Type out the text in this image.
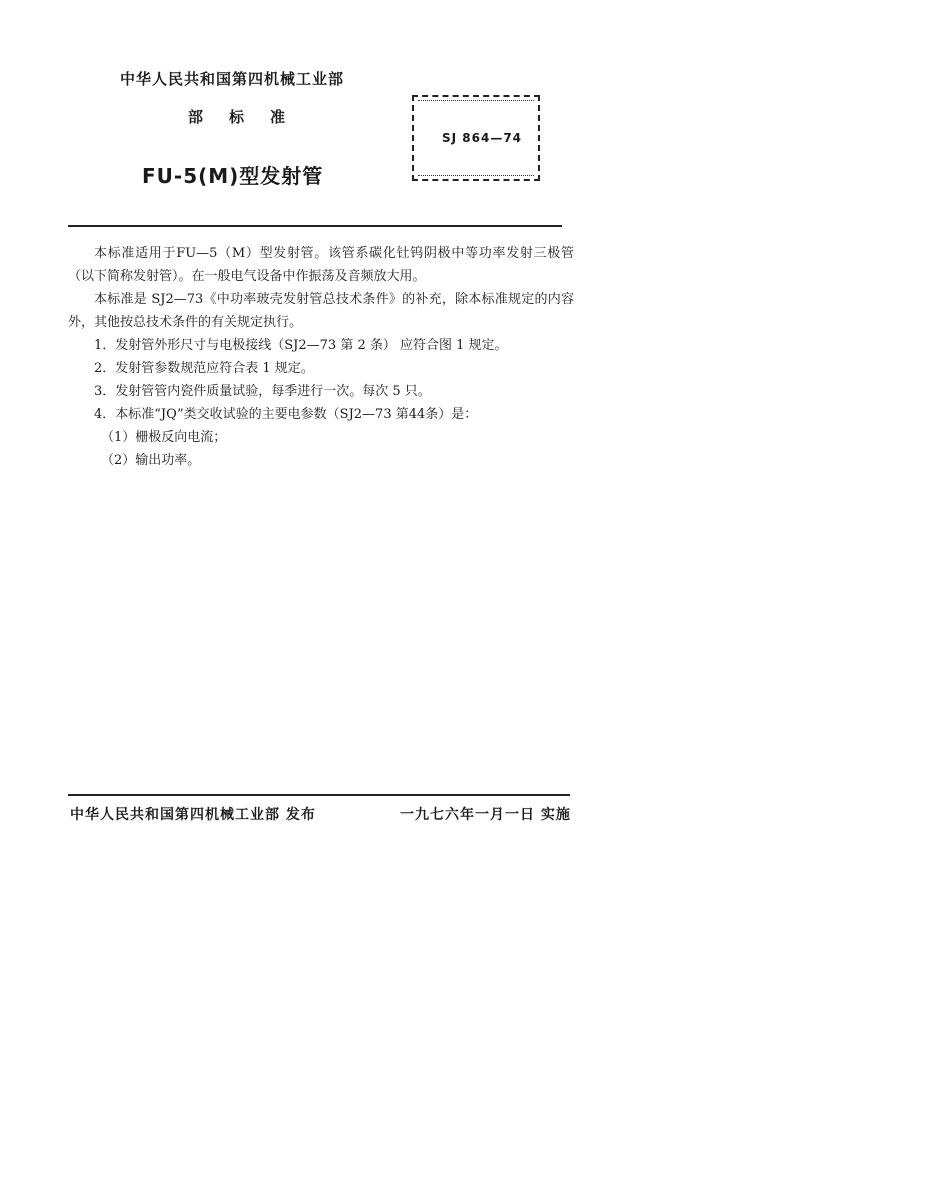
中华人民共和国第四机械工业部
部标准
FU-5(M)型发射管
SJ 864—74

本标准适用于FU—5（M）型发射管。该管系碳化钍钨阴极中等功率发射三极管（以下简称发射管）。在一般电气设备中作振荡及音频放大用。

本标准是 SJ2—73《中功率玻壳发射管总技术条件》的补充，除本标准规定的内容外，其他按总技术条件的有关规定执行。

1．发射管外形尺寸与电极接线（SJ2—73 第 2 条） 应符合图 1 规定。

2．发射管参数规范应符合表 1 规定。

3．发射管管内瓷件质量试验，每季进行一次。每次 5 只。

4．本标准“JQ”类交收试验的主要电参数（SJ2—73 第44条）是：

（1）栅极反向电流；

（2）输出功率。

中华人民共和国第四机械工业部 发布	一九七六年一月一日 实施
